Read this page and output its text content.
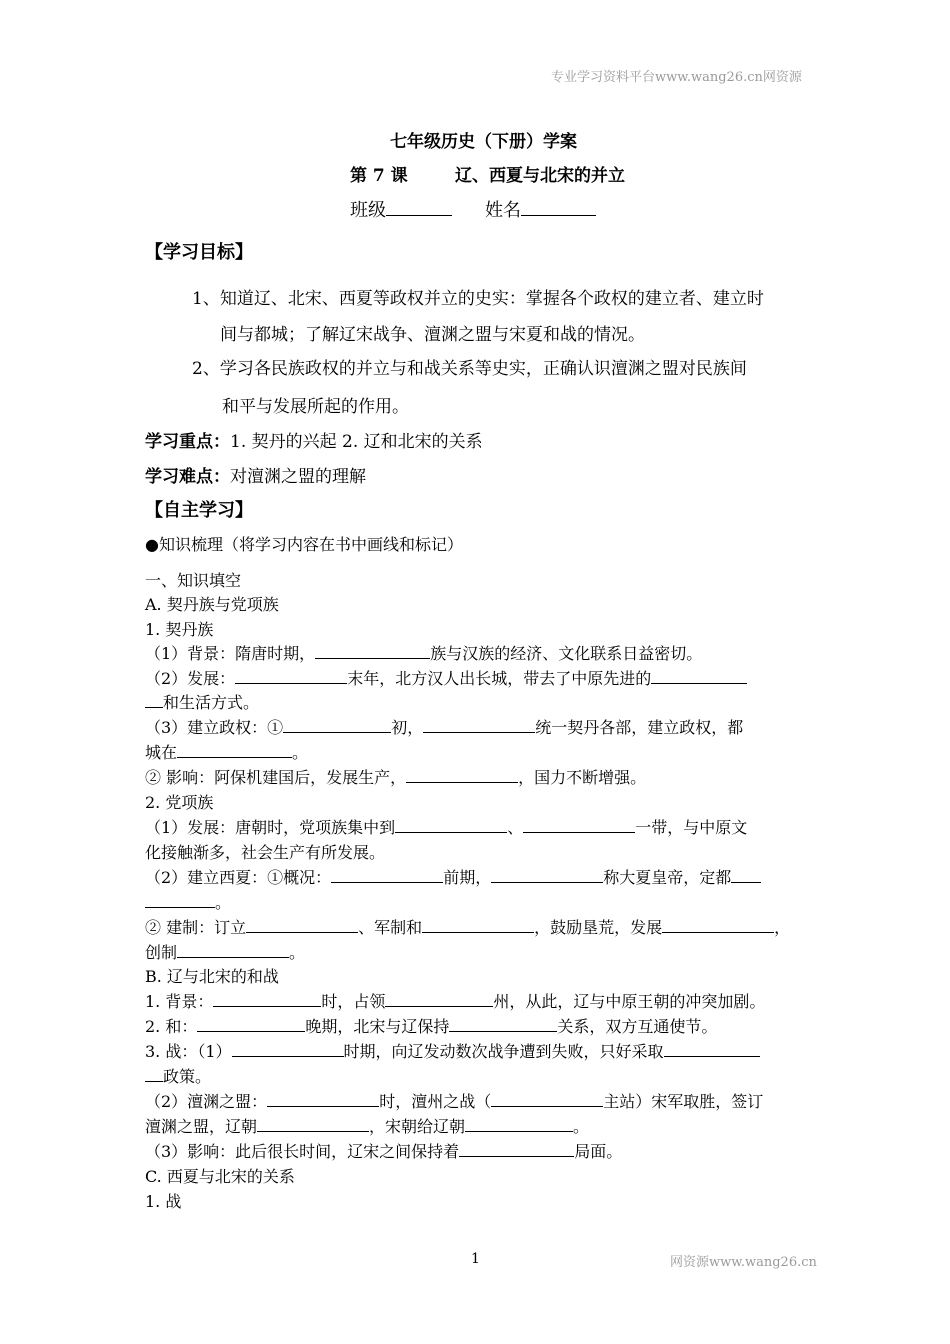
专业学习资料平台www.wang26.cn网资源
七年级历史（下册）学案
第 7 课	辽、西夏与北宋的并立
班级	姓名
【学习目标】
1、知道辽、北宋、西夏等政权并立的史实：掌握各个政权的建立者、建立时
间与都城；了解辽宋战争、澶渊之盟与宋夏和战的情况。
2、学习各民族政权的并立与和战关系等史实，正确认识澶渊之盟对民族间
和平与发展所起的作用。
学习重点：1. 契丹的兴起 2. 辽和北宋的关系
学习难点：对澶渊之盟的理解
【自主学习】
●知识梳理（将学习内容在书中画线和标记）
一、知识填空
A. 契丹族与党项族
1. 契丹族
（1）背景：隋唐时期，	族与汉族的经济、文化联系日益密切。
（2）发展：	末年，北方汉人出长城，带去了中原先进的
和生活方式。
（3）建立政权：①	初，	统一契丹各部，建立政权，都
城在	。
② 影响：阿保机建国后，发展生产，	，国力不断增强。
2. 党项族
（1）发展：唐朝时，党项族集中到	、	一带，与中原文
化接触渐多，社会生产有所发展。
（2）建立西夏：①概况：	前期，	称大夏皇帝，定都
。
② 建制：订立	、军制和	，鼓励垦荒，发展	，
创制	。
B. 辽与北宋的和战
1. 背景：	时，占领	州，从此，辽与中原王朝的冲突加剧。
2. 和：	晚期，北宋与辽保持	关系，双方互通使节。
3. 战：（1）	时期，向辽发动数次战争遭到失败，只好采取
政策。
（2）澶渊之盟：	时，澶州之战（	主站）宋军取胜，签订
澶渊之盟，辽朝	，宋朝给辽朝	。
（3）影响：此后很长时间，辽宋之间保持着	局面。
C. 西夏与北宋的关系
1. 战
1	网资源www.wang26.cn
